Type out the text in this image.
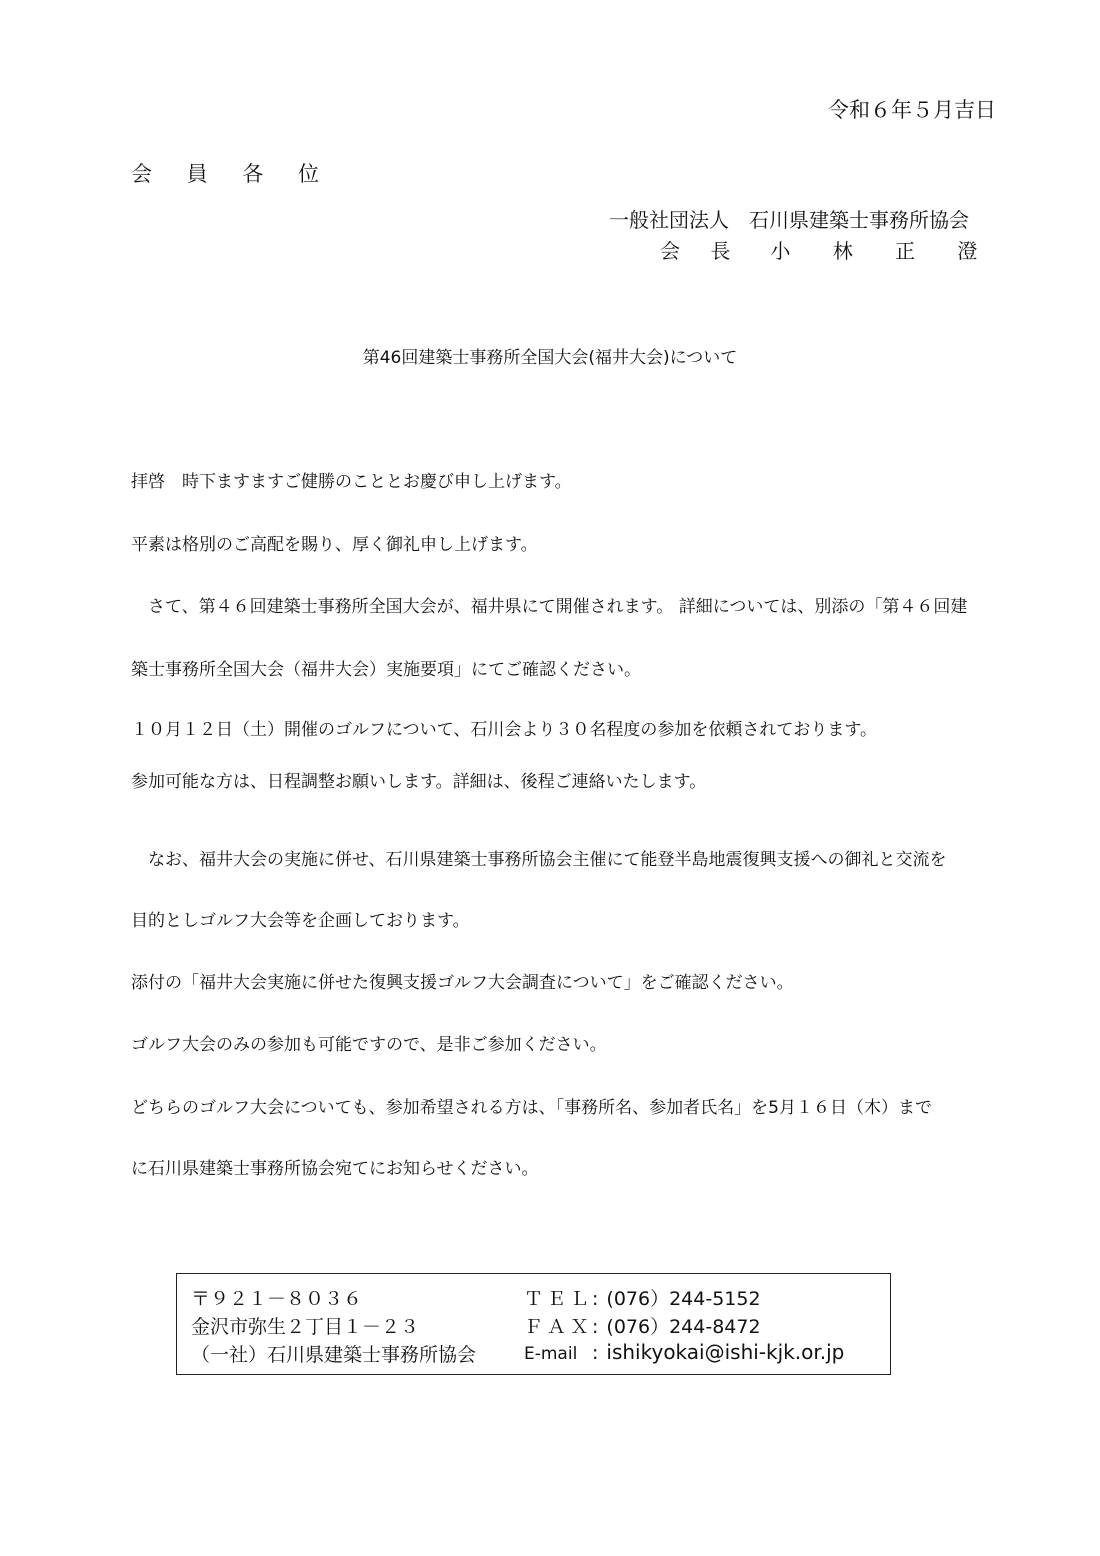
令和６年５月吉日

会 員 各 位

一般社団法人　石川県建築士事務所協会

会 長 小 林 正 澄

第46回建築士事務所全国大会(福井大会)について

拝啓　時下ますますご健勝のこととお慶び申し上げます。

平素は格別のご高配を賜り、厚く御礼申し上げます。

　さて、第４６回建築士事務所全国大会が、福井県にて開催されます。 詳細については、別添の「第４６回建

築士事務所全国大会（福井大会）実施要項」にてご確認ください。

１０月１２日（土）開催のゴルフについて、石川会より３０名程度の参加を依頼されております。

参加可能な方は、日程調整お願いします。詳細は、後程ご連絡いたします。

　なお、福井大会の実施に併せ、石川県建築士事務所協会主催にて能登半島地震復興支援への御礼と交流を

目的としゴルフ大会等を企画しております。

添付の「福井大会実施に併せた復興支援ゴルフ大会調査について」をご確認ください。

ゴルフ大会のみの参加も可能ですので、是非ご参加ください。

どちらのゴルフ大会についても、参加希望される方は、「事務所名、参加者氏名」を5月１６日（木）まで

に石川県建築士事務所協会宛てにお知らせください。

〒９２１－８０３６
金沢市弥生２丁目１－２３
（一社）石川県建築士事務所協会
ＴＥＬ: (076）244-5152
ＦＡＸ: (076）244-8472
E-mail : ishikyokai@ishi-kjk.or.jp
